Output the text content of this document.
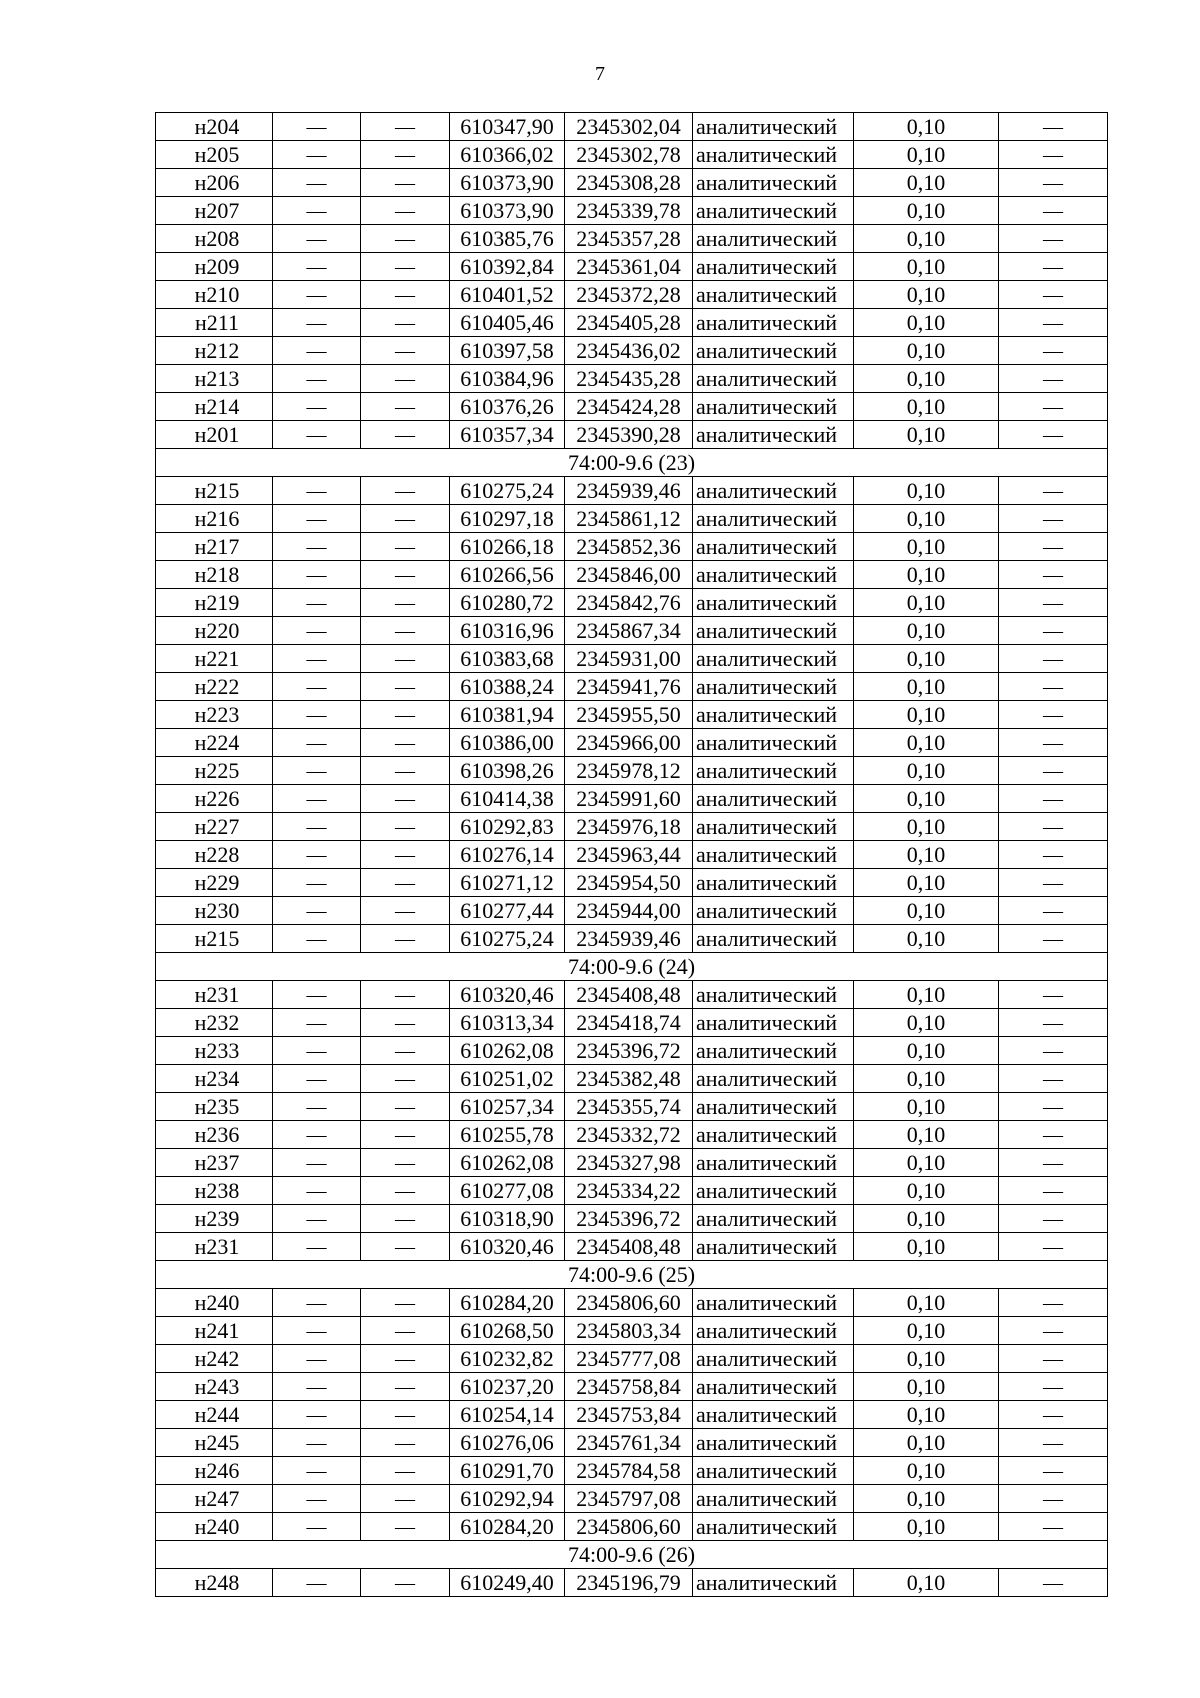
7
н204	—	—	610347,90	2345302,04	аналитический	0,10	—
н205	—	—	610366,02	2345302,78	аналитический	0,10	—
н206	—	—	610373,90	2345308,28	аналитический	0,10	—
н207	—	—	610373,90	2345339,78	аналитический	0,10	—
н208	—	—	610385,76	2345357,28	аналитический	0,10	—
н209	—	—	610392,84	2345361,04	аналитический	0,10	—
н210	—	—	610401,52	2345372,28	аналитический	0,10	—
н211	—	—	610405,46	2345405,28	аналитический	0,10	—
н212	—	—	610397,58	2345436,02	аналитический	0,10	—
н213	—	—	610384,96	2345435,28	аналитический	0,10	—
н214	—	—	610376,26	2345424,28	аналитический	0,10	—
н201	—	—	610357,34	2345390,28	аналитический	0,10	—
74:00-9.6 (23)							
н215	—	—	610275,24	2345939,46	аналитический	0,10	—
н216	—	—	610297,18	2345861,12	аналитический	0,10	—
н217	—	—	610266,18	2345852,36	аналитический	0,10	—
н218	—	—	610266,56	2345846,00	аналитический	0,10	—
н219	—	—	610280,72	2345842,76	аналитический	0,10	—
н220	—	—	610316,96	2345867,34	аналитический	0,10	—
н221	—	—	610383,68	2345931,00	аналитический	0,10	—
н222	—	—	610388,24	2345941,76	аналитический	0,10	—
н223	—	—	610381,94	2345955,50	аналитический	0,10	—
н224	—	—	610386,00	2345966,00	аналитический	0,10	—
н225	—	—	610398,26	2345978,12	аналитический	0,10	—
н226	—	—	610414,38	2345991,60	аналитический	0,10	—
н227	—	—	610292,83	2345976,18	аналитический	0,10	—
н228	—	—	610276,14	2345963,44	аналитический	0,10	—
н229	—	—	610271,12	2345954,50	аналитический	0,10	—
н230	—	—	610277,44	2345944,00	аналитический	0,10	—
н215	—	—	610275,24	2345939,46	аналитический	0,10	—
74:00-9.6 (24)							
н231	—	—	610320,46	2345408,48	аналитический	0,10	—
н232	—	—	610313,34	2345418,74	аналитический	0,10	—
н233	—	—	610262,08	2345396,72	аналитический	0,10	—
н234	—	—	610251,02	2345382,48	аналитический	0,10	—
н235	—	—	610257,34	2345355,74	аналитический	0,10	—
н236	—	—	610255,78	2345332,72	аналитический	0,10	—
н237	—	—	610262,08	2345327,98	аналитический	0,10	—
н238	—	—	610277,08	2345334,22	аналитический	0,10	—
н239	—	—	610318,90	2345396,72	аналитический	0,10	—
н231	—	—	610320,46	2345408,48	аналитический	0,10	—
74:00-9.6 (25)							
н240	—	—	610284,20	2345806,60	аналитический	0,10	—
н241	—	—	610268,50	2345803,34	аналитический	0,10	—
н242	—	—	610232,82	2345777,08	аналитический	0,10	—
н243	—	—	610237,20	2345758,84	аналитический	0,10	—
н244	—	—	610254,14	2345753,84	аналитический	0,10	—
н245	—	—	610276,06	2345761,34	аналитический	0,10	—
н246	—	—	610291,70	2345784,58	аналитический	0,10	—
н247	—	—	610292,94	2345797,08	аналитический	0,10	—
н240	—	—	610284,20	2345806,60	аналитический	0,10	—
74:00-9.6 (26)							
н248	—	—	610249,40	2345196,79	аналитический	0,10	—
